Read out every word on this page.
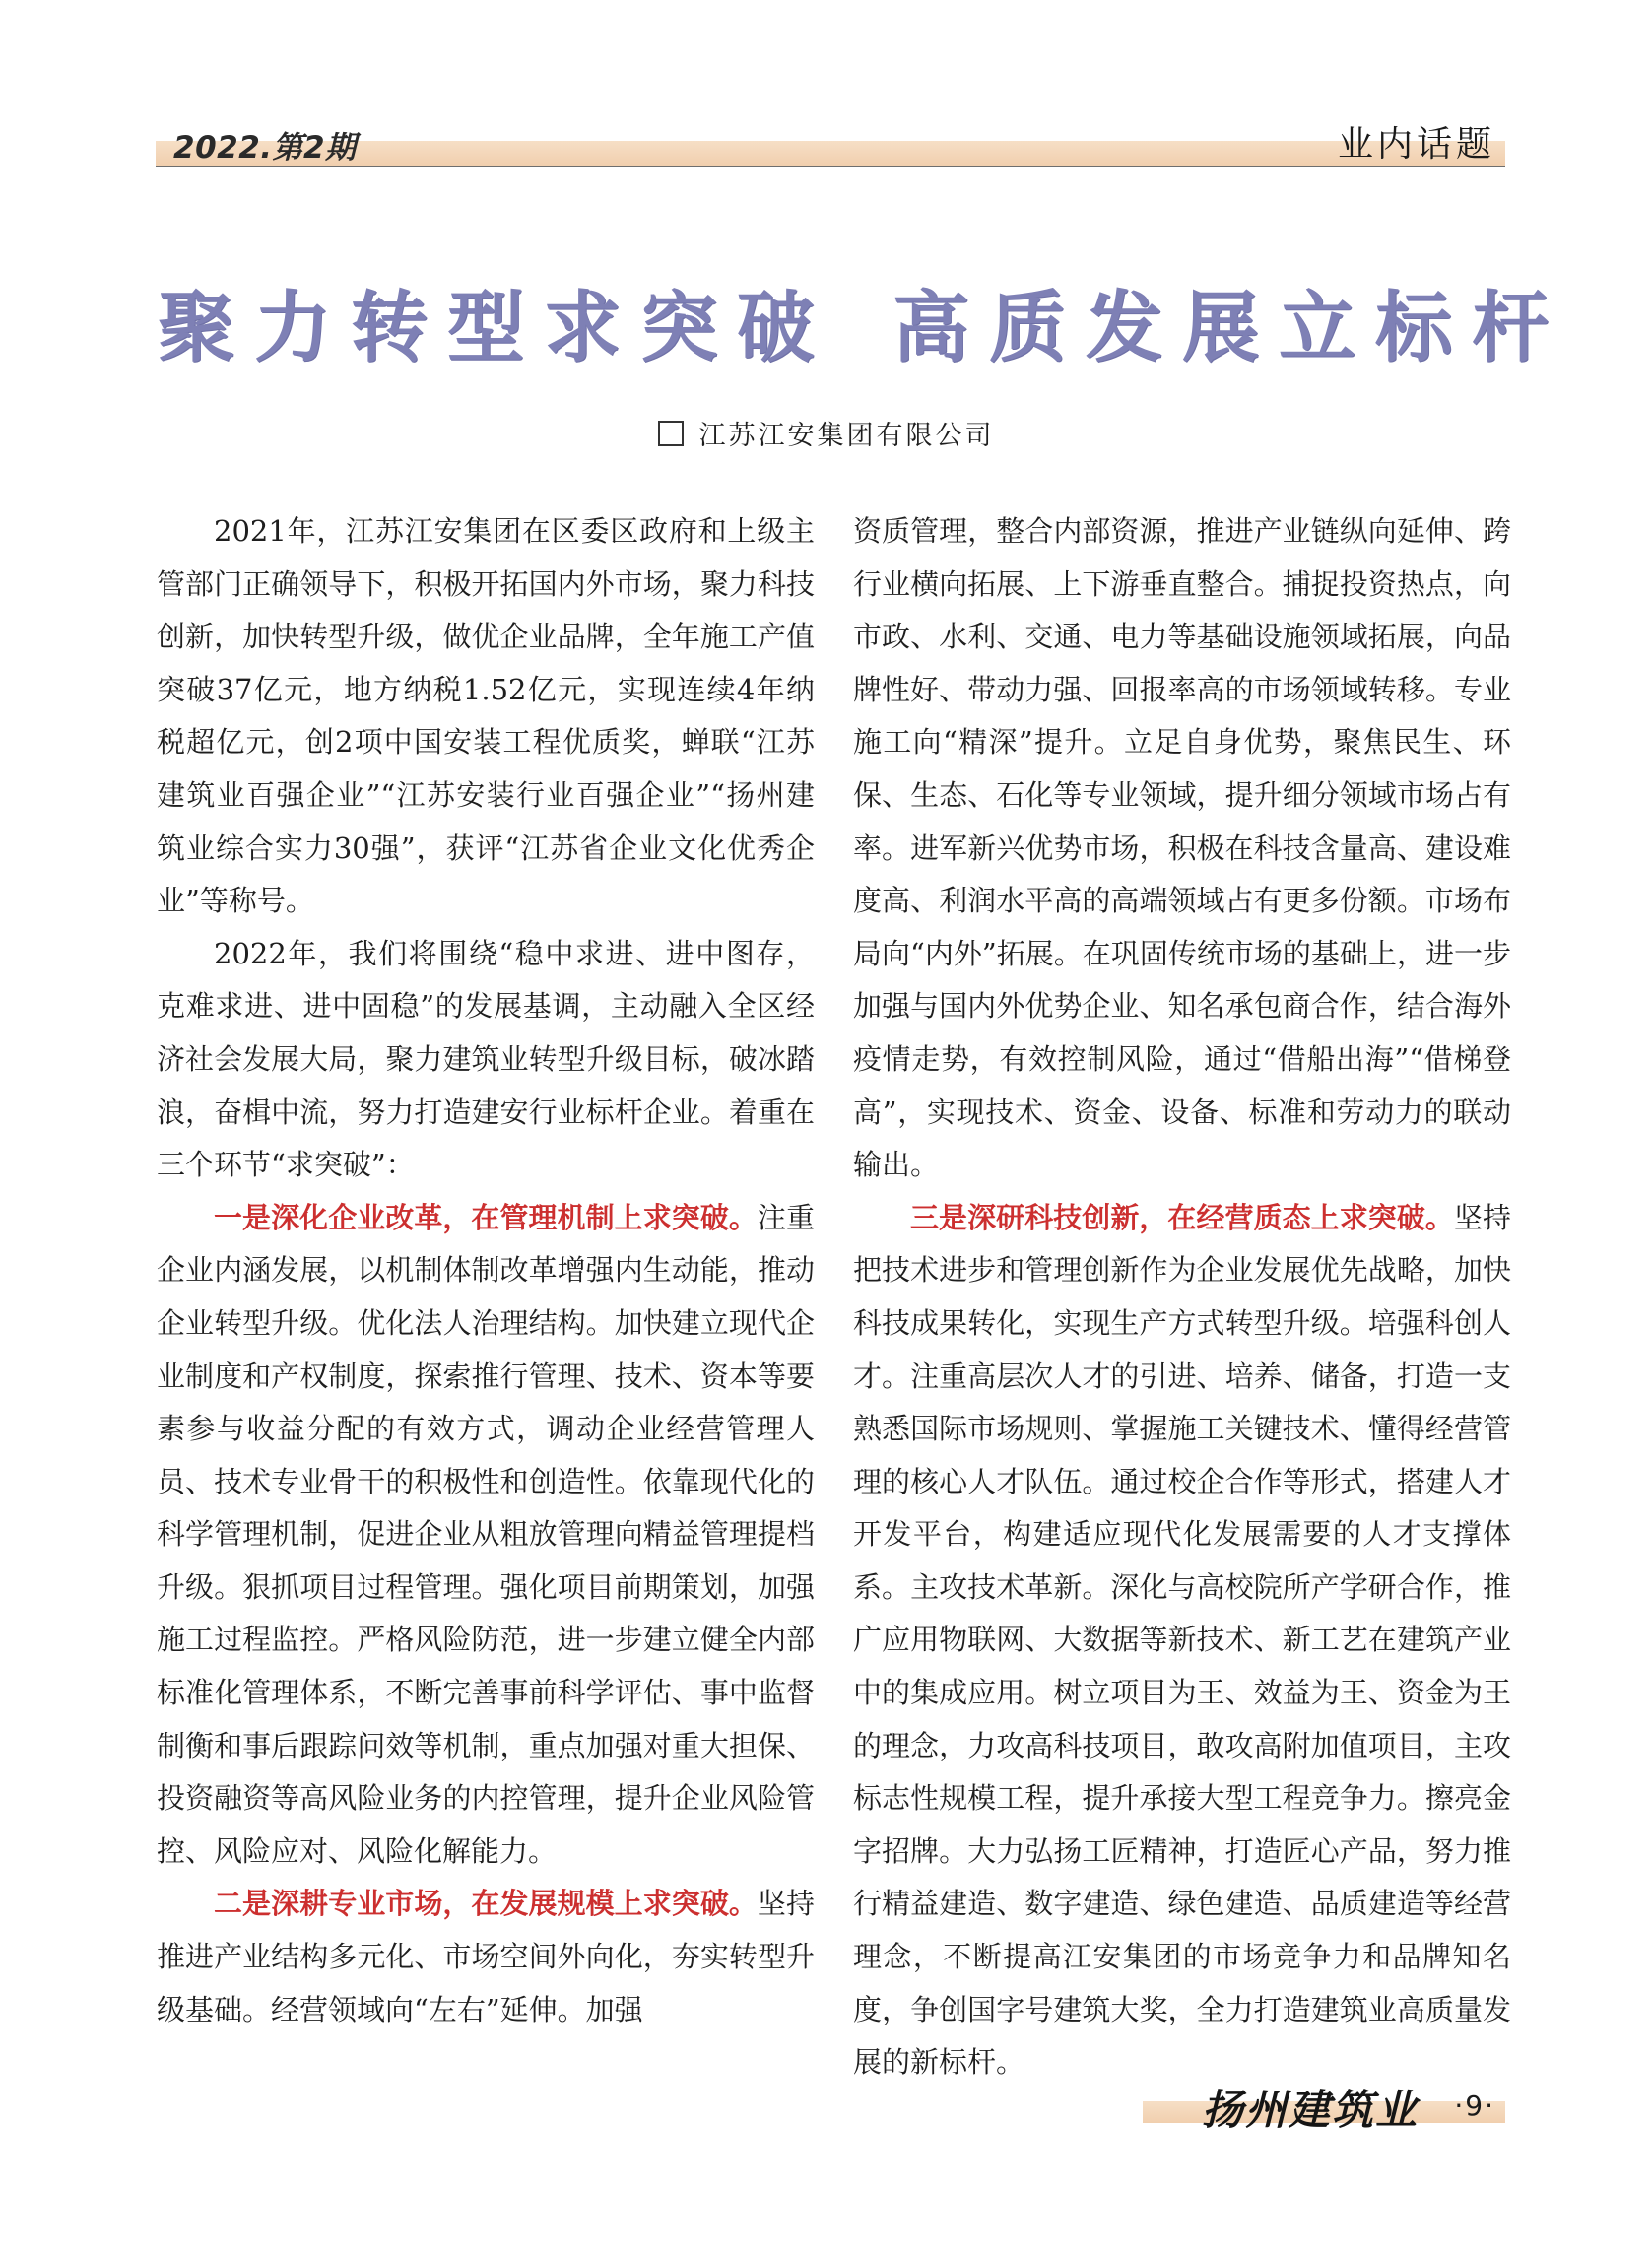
2022.第2期	业内话题
聚力转型求突破 高质发展立标杆
江苏江安集团有限公司

2021年，江苏江安集团在区委区政府和上级主管部门正确领导下，积极开拓国内外市场，聚力科技创新，加快转型升级，做优企业品牌，全年施工产值突破37亿元，地方纳税1.52亿元，实现连续4年纳税超亿元，创2项中国安装工程优质奖，蝉联“江苏建筑业百强企业”“江苏安装行业百强企业”“扬州建筑业综合实力30强”，获评“江苏省企业文化优秀企业”等称号。

2022年，我们将围绕“稳中求进、进中图存，克难求进、进中固稳”的发展基调，主动融入全区经济社会发展大局，聚力建筑业转型升级目标，破冰踏浪，奋楫中流，努力打造建安行业标杆企业。着重在三个环节“求突破”：

一是深化企业改革，在管理机制上求突破。注重企业内涵发展，以机制体制改革增强内生动能，推动企业转型升级。优化法人治理结构。加快建立现代企业制度和产权制度，探索推行管理、技术、资本等要素参与收益分配的有效方式，调动企业经营管理人员、技术专业骨干的积极性和创造性。依靠现代化的科学管理机制，促进企业从粗放管理向精益管理提档升级。狠抓项目过程管理。强化项目前期策划，加强施工过程监控。严格风险防范，进一步建立健全内部标准化管理体系，不断完善事前科学评估、事中监督制衡和事后跟踪问效等机制，重点加强对重大担保、投资融资等高风险业务的内控管理，提升企业风险管控、风险应对、风险化解能力。

二是深耕专业市场，在发展规模上求突破。坚持推进产业结构多元化、市场空间外向化，夯实转型升级基础。经营领域向“左右”延伸。加强

资质管理，整合内部资源，推进产业链纵向延伸、跨行业横向拓展、上下游垂直整合。捕捉投资热点，向市政、水利、交通、电力等基础设施领域拓展，向品牌性好、带动力强、回报率高的市场领域转移。专业施工向“精深”提升。立足自身优势，聚焦民生、环保、生态、石化等专业领域，提升细分领域市场占有率。进军新兴优势市场，积极在科技含量高、建设难度高、利润水平高的高端领域占有更多份额。市场布局向“内外”拓展。在巩固传统市场的基础上，进一步加强与国内外优势企业、知名承包商合作，结合海外疫情走势，有效控制风险，通过“借船出海”“借梯登高”，实现技术、资金、设备、标准和劳动力的联动输出。

三是深研科技创新，在经营质态上求突破。坚持把技术进步和管理创新作为企业发展优先战略，加快科技成果转化，实现生产方式转型升级。培强科创人才。注重高层次人才的引进、培养、储备，打造一支熟悉国际市场规则、掌握施工关键技术、懂得经营管理的核心人才队伍。通过校企合作等形式，搭建人才开发平台，构建适应现代化发展需要的人才支撑体系。主攻技术革新。深化与高校院所产学研合作，推广应用物联网、大数据等新技术、新工艺在建筑产业中的集成应用。树立项目为王、效益为王、资金为王的理念，力攻高科技项目，敢攻高附加值项目，主攻标志性规模工程，提升承接大型工程竞争力。擦亮金字招牌。大力弘扬工匠精神，打造匠心产品，努力推行精益建造、数字建造、绿色建造、品质建造等经营理念，不断提高江安集团的市场竞争力和品牌知名度，争创国字号建筑大奖，全力打造建筑业高质量发展的新标杆。

扬州建筑业 ·9·
